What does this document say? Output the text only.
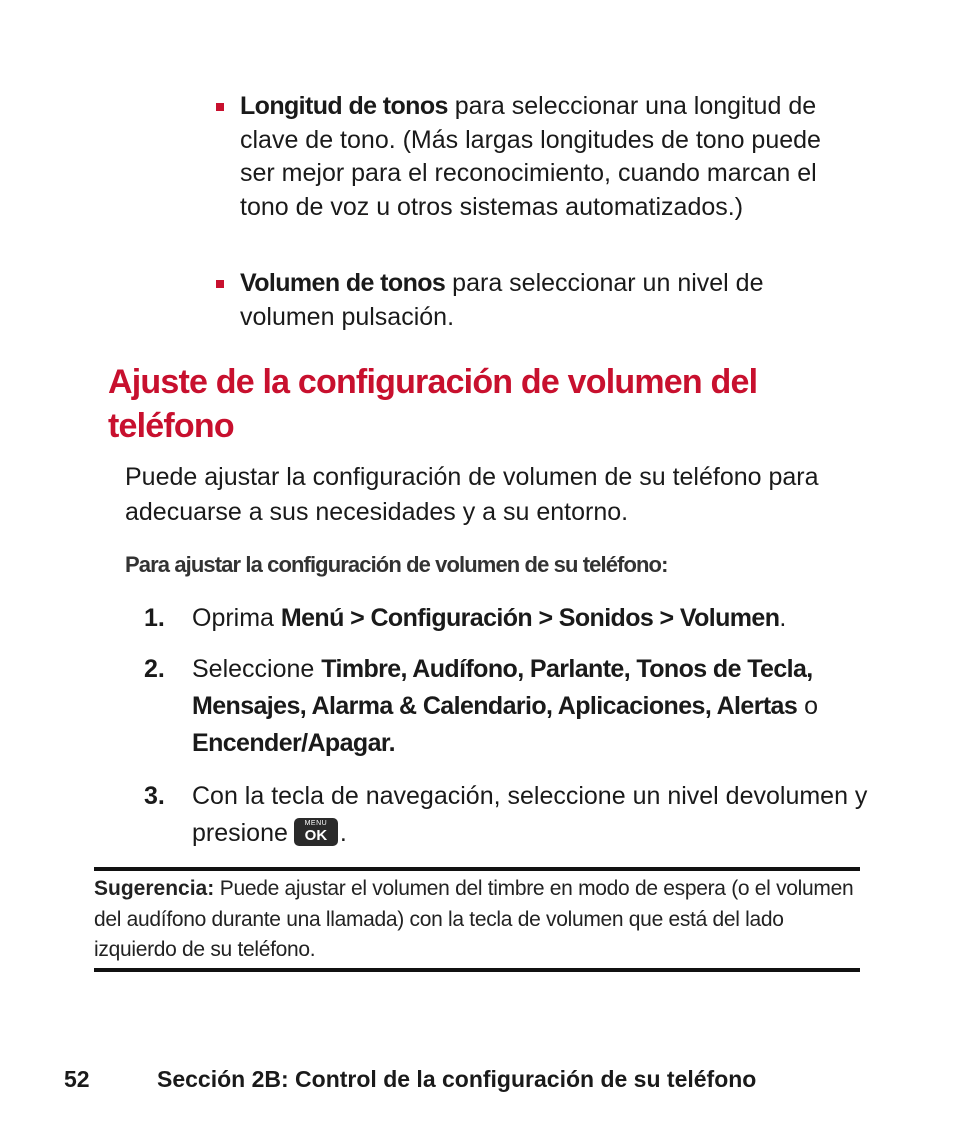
Longitud de tonos para seleccionar una longitud de clave de tono. (Más largas longitudes de tono puede ser mejor para el reconocimiento, cuando marcan el tono de voz u otros sistemas automatizados.)
Volumen de tonos para seleccionar un nivel de volumen pulsación.
Ajuste de la configuración de volumen del teléfono
Puede ajustar la configuración de volumen de su teléfono para adecuarse a sus necesidades y a su entorno.
Para ajustar la configuración de volumen de su teléfono:
1. Oprima Menú > Configuración > Sonidos > Volumen.
2. Seleccione Timbre, Audífono, Parlante, Tonos de Tecla, Mensajes, Alarma & Calendario, Aplicaciones, Alertas o Encender/Apagar.
3. Con la tecla de navegación, seleccione un nivel devolumen y presione	MENU
OK .
Sugerencia: Puede ajustar el volumen del timbre en modo de espera (o el volumen del audífono durante una llamada) con la tecla de volumen que está del lado izquierdo de su teléfono.
52	Sección 2B: Control de la configuración de su teléfono
